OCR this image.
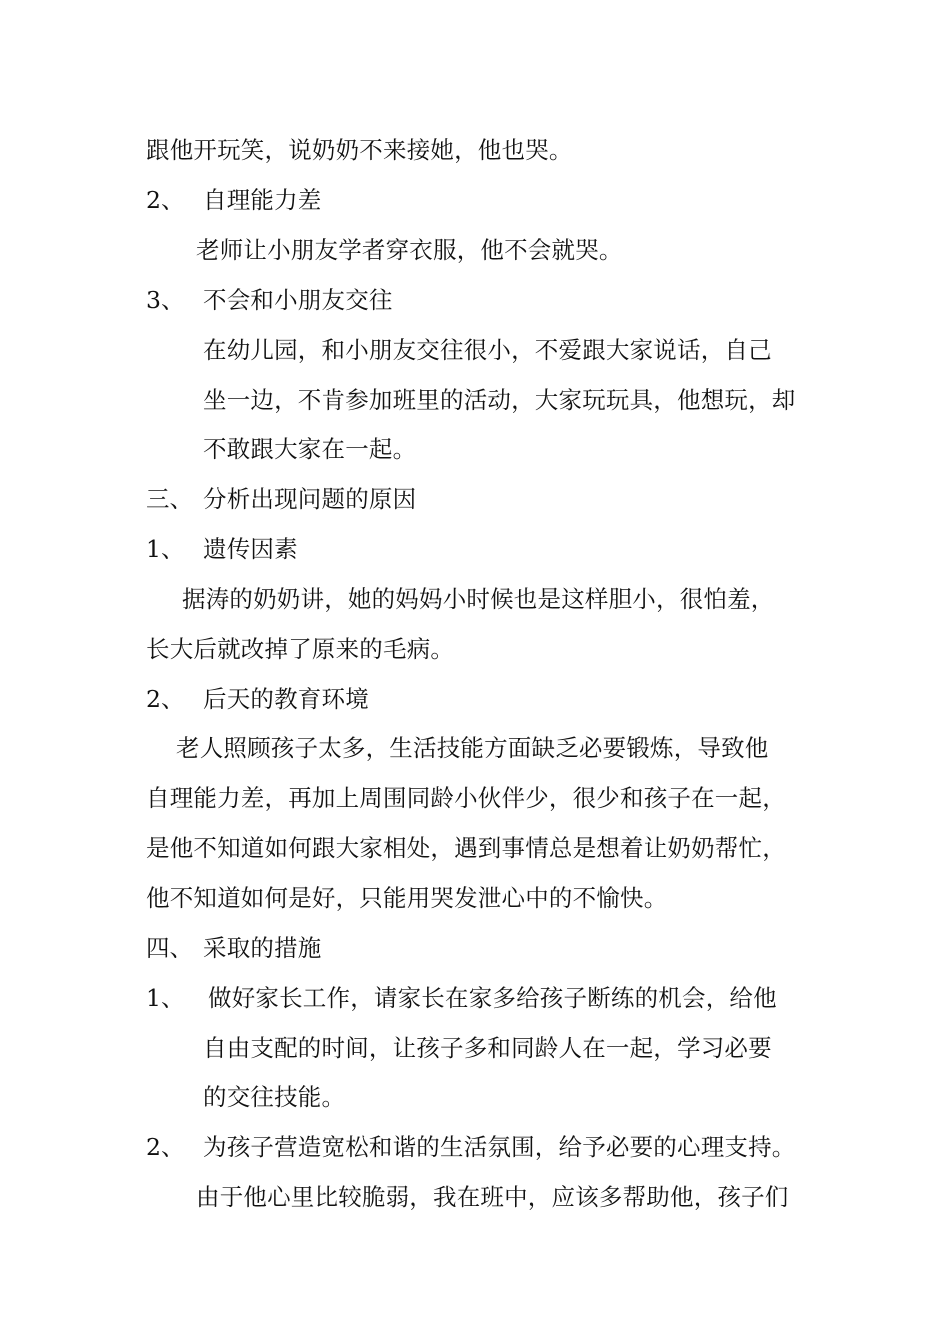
跟他开玩笑，说奶奶不来接她，他也哭。
2、 自理能力差
老师让小朋友学者穿衣服，他不会就哭。
3、 不会和小朋友交往
在幼儿园，和小朋友交往很小，不爱跟大家说话，自己
坐一边，不肯参加班里的活动，大家玩玩具，他想玩，却
不敢跟大家在一起。
三、 分析出现问题的原因
1、 遗传因素
据涛的奶奶讲，她的妈妈小时候也是这样胆小，很怕羞，
长大后就改掉了原来的毛病。
2、 后天的教育环境
老人照顾孩子太多，生活技能方面缺乏必要锻炼，导致他
自理能力差，再加上周围同龄小伙伴少，很少和孩子在一起，
是他不知道如何跟大家相处，遇到事情总是想着让奶奶帮忙，
他不知道如何是好，只能用哭发泄心中的不愉快。
四、 采取的措施
1、 做好家长工作，请家长在家多给孩子断练的机会，给他
自由支配的时间，让孩子多和同龄人在一起，学习必要
的交往技能。
2、 为孩子营造宽松和谐的生活氛围，给予必要的心理支持。
由于他心里比较脆弱，我在班中，应该多帮助他，孩子们
